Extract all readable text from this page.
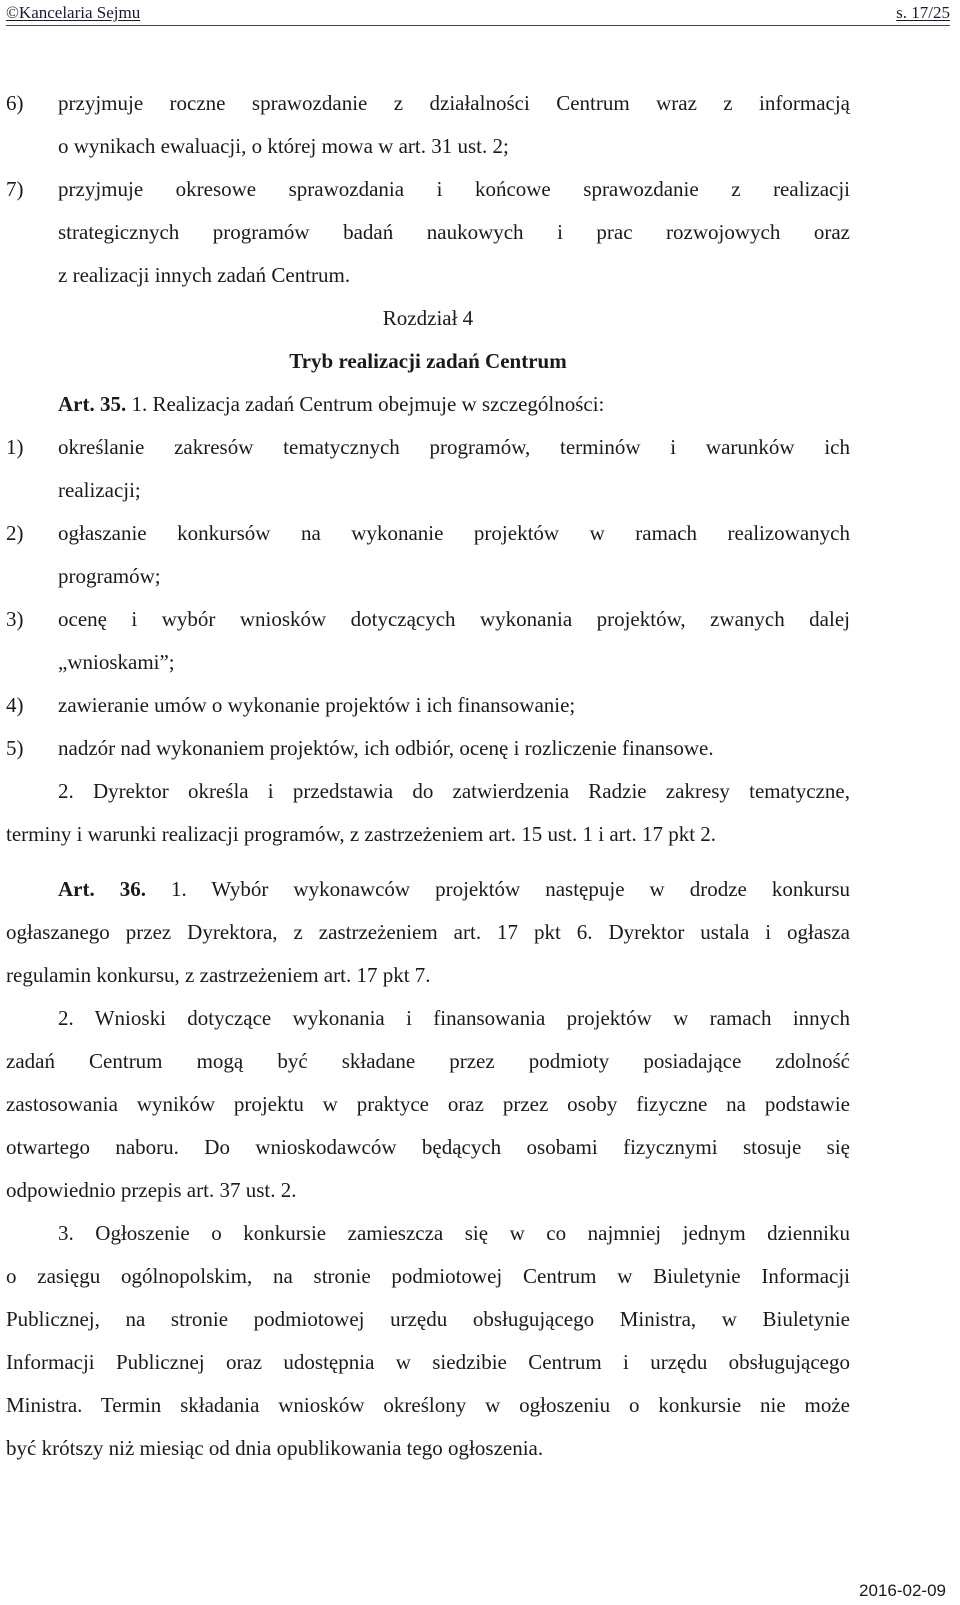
©Kancelaria Sejmu	s. 17/25
6) przyjmuje roczne sprawozdanie z działalności Centrum wraz z informacją
o wynikach ewaluacji, o której mowa w art. 31 ust. 2;
7) przyjmuje okresowe sprawozdania i końcowe sprawozdanie z realizacji
strategicznych programów badań naukowych i prac rozwojowych oraz
z realizacji innych zadań Centrum.
Rozdział 4
Tryb realizacji zadań Centrum
Art. 35. 1. Realizacja zadań Centrum obejmuje w szczególności:
1) określanie zakresów tematycznych programów, terminów i warunków ich
realizacji;
2) ogłaszanie konkursów na wykonanie projektów w ramach realizowanych
programów;
3) ocenę i wybór wniosków dotyczących wykonania projektów, zwanych dalej
„wnioskami”;
4) zawieranie umów o wykonanie projektów i ich finansowanie;
5) nadzór nad wykonaniem projektów, ich odbiór, ocenę i rozliczenie finansowe.
2. Dyrektor określa i przedstawia do zatwierdzenia Radzie zakresy tematyczne,
terminy i warunki realizacji programów, z zastrzeżeniem art. 15 ust. 1 i art. 17 pkt 2.
Art. 36. 1. Wybór wykonawców projektów następuje w drodze konkursu
ogłaszanego przez Dyrektora, z zastrzeżeniem art. 17 pkt 6. Dyrektor ustala i ogłasza
regulamin konkursu, z zastrzeżeniem art. 17 pkt 7.
2. Wnioski dotyczące wykonania i finansowania projektów w ramach innych
zadań Centrum mogą być składane przez podmioty posiadające zdolność
zastosowania wyników projektu w praktyce oraz przez osoby fizyczne na podstawie
otwartego naboru. Do wnioskodawców będących osobami fizycznymi stosuje się
odpowiednio przepis art. 37 ust. 2.
3. Ogłoszenie o konkursie zamieszcza się w co najmniej jednym dzienniku
o zasięgu ogólnopolskim, na stronie podmiotowej Centrum w Biuletynie Informacji
Publicznej, na stronie podmiotowej urzędu obsługującego Ministra, w Biuletynie
Informacji Publicznej oraz udostępnia w siedzibie Centrum i urzędu obsługującego
Ministra. Termin składania wniosków określony w ogłoszeniu o konkursie nie może
być krótszy niż miesiąc od dnia opublikowania tego ogłoszenia.
2016-02-09
